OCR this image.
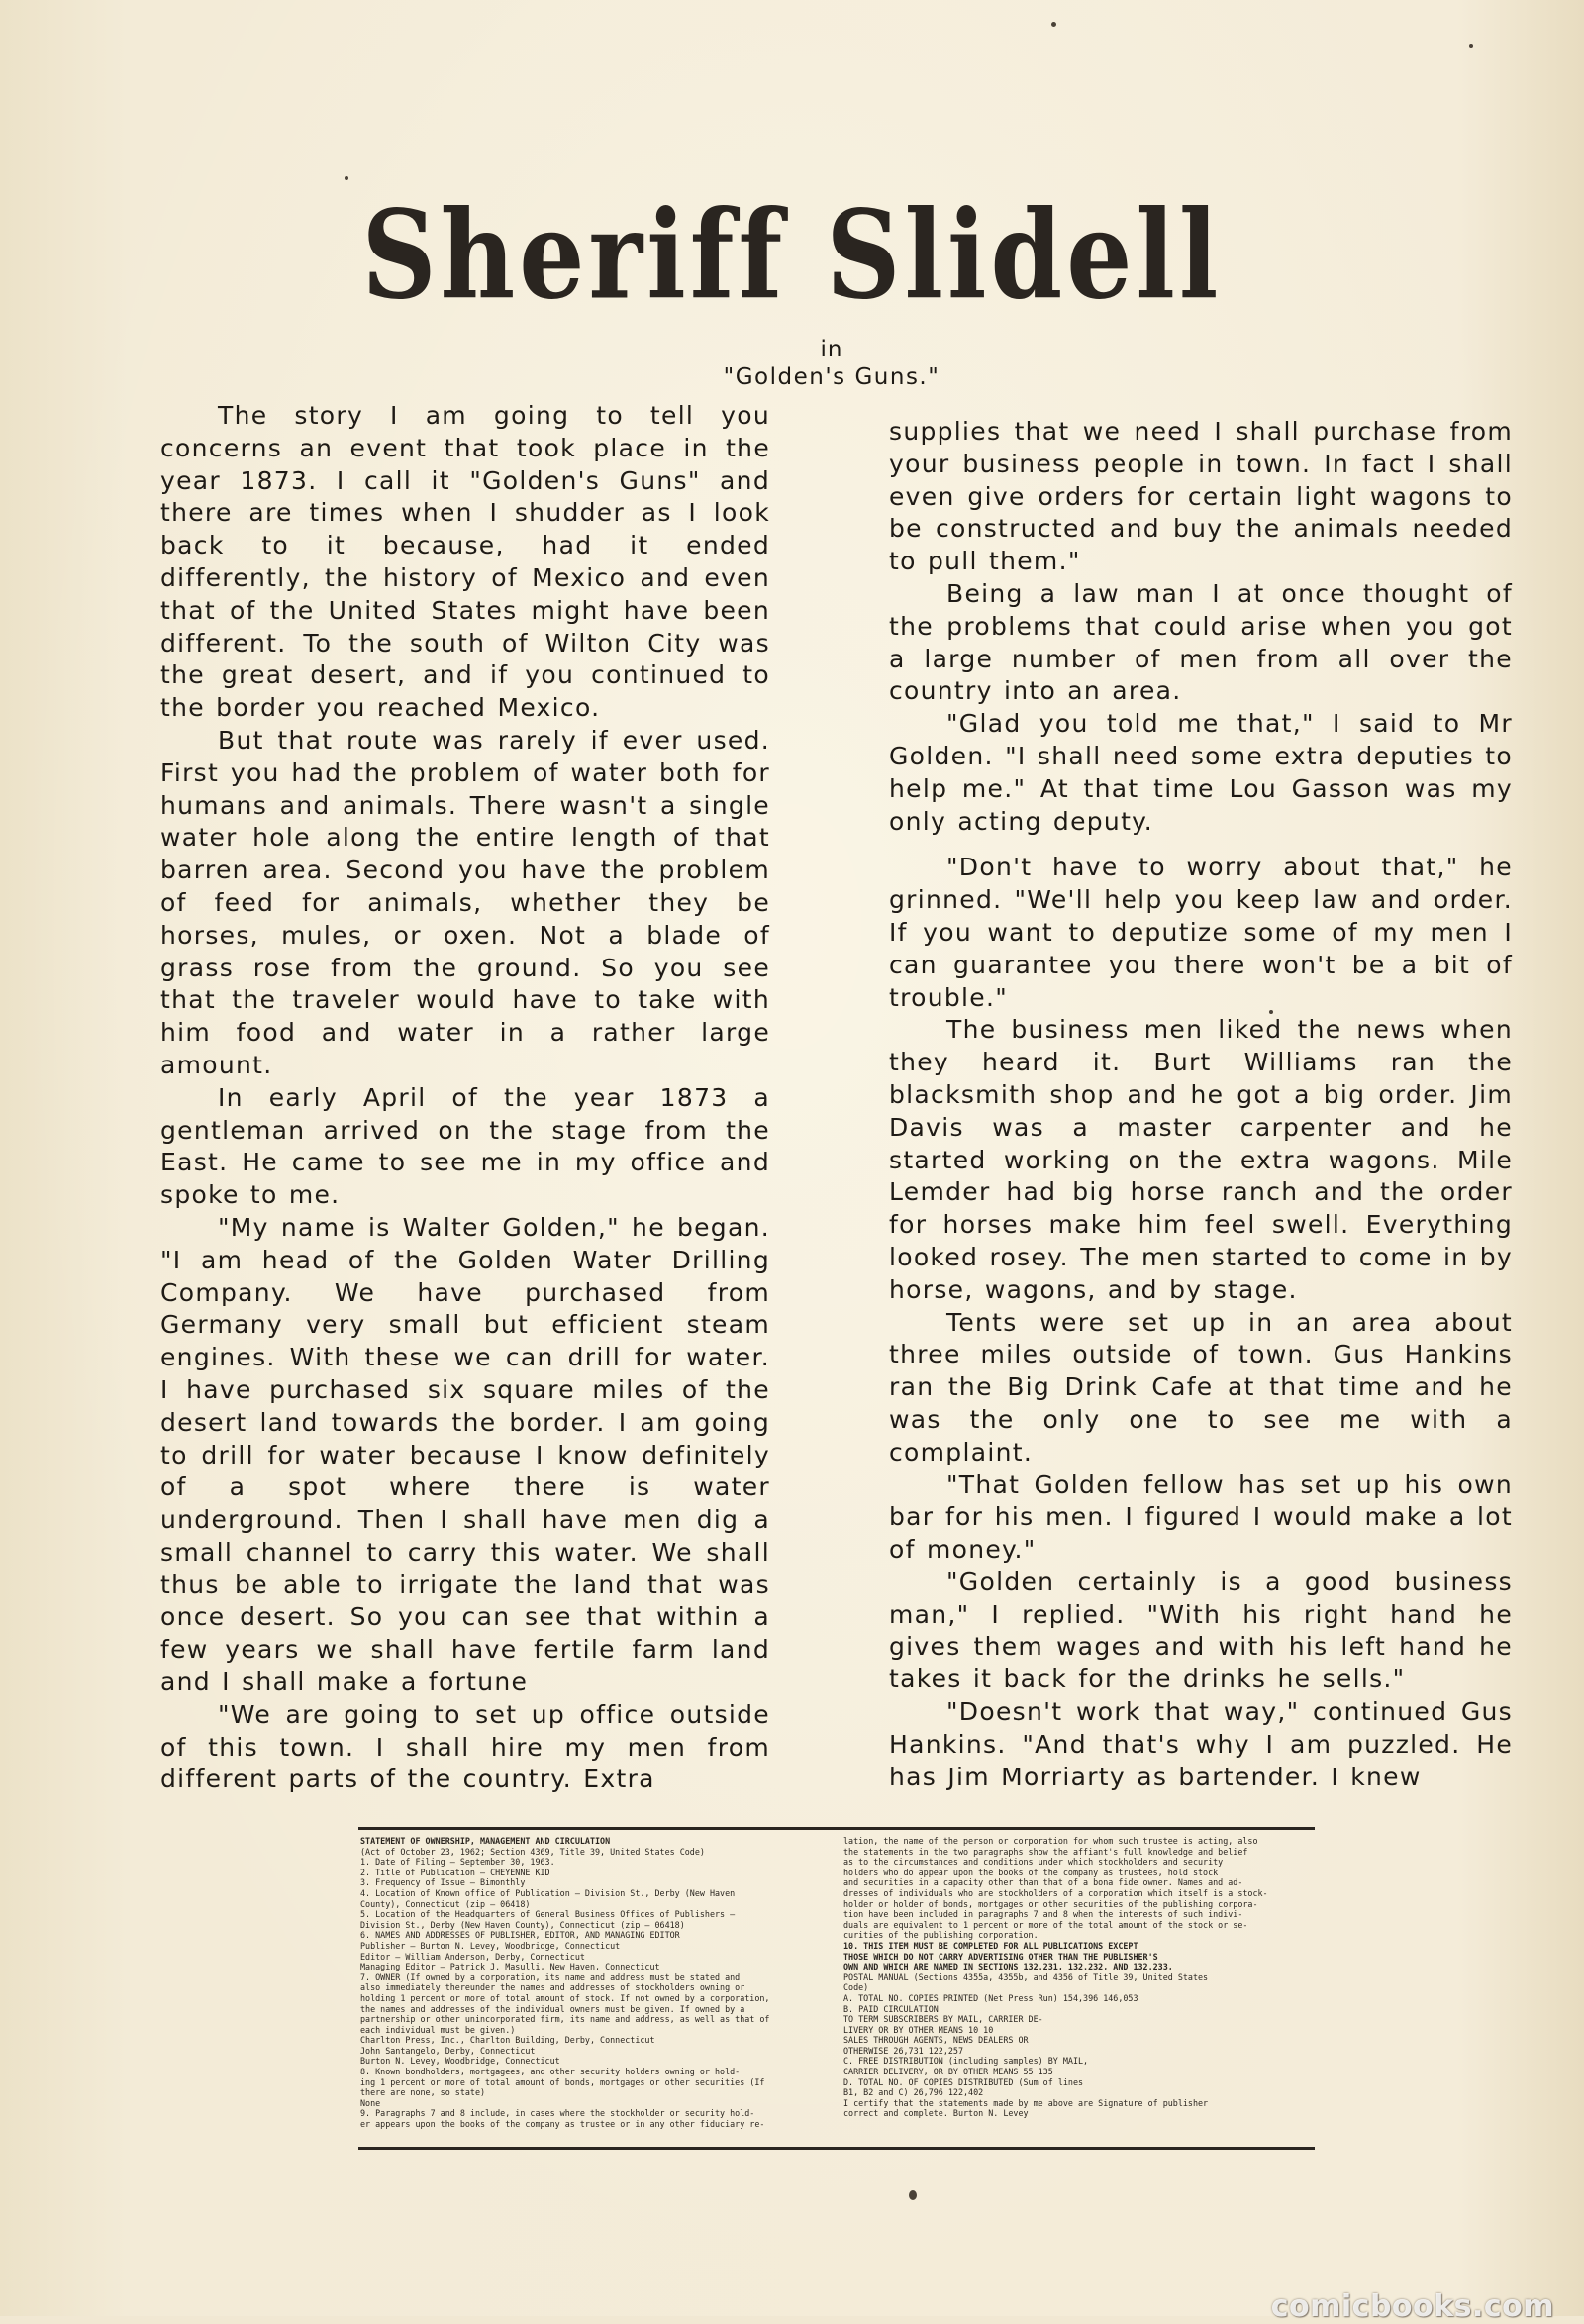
Sheriff Slidell
in
"Golden's Guns."

The story I am going to tell you concerns an event that took place in the year 1873. I call it "Golden's Guns" and there are times when I shudder as I look back to it because, had it ended differently, the history of Mexico and even that of the United States might have been different. To the south of Wilton City was the great desert, and if you continued to the border you reached Mexico.

But that route was rarely if ever used. First you had the problem of water both for humans and animals. There wasn't a single water hole along the entire length of that barren area. Second you have the problem of feed for animals, whether they be horses, mules, or oxen. Not a blade of grass rose from the ground. So you see that the traveler would have to take with him food and water in a rather large amount.

In early April of the year 1873 a gentleman arrived on the stage from the East. He came to see me in my office and spoke to me.

"My name is Walter Golden," he began. "I am head of the Golden Water Drilling Company. We have purchased from Germany very small but efficient steam engines. With these we can drill for water. I have purchased six square miles of the desert land towards the border. I am going to drill for water because I know definitely of a spot where there is water underground. Then I shall have men dig a small channel to carry this water. We shall thus be able to irrigate the land that was once desert. So you can see that within a few years we shall have fertile farm land and I shall make a fortune

"We are going to set up office outside of this town. I shall hire my men from different parts of the country. Extra

supplies that we need I shall purchase from your business people in town. In fact I shall even give orders for certain light wagons to be constructed and buy the animals needed to pull them."

Being a law man I at once thought of the problems that could arise when you got a large number of men from all over the country into an area.

"Glad you told me that," I said to Mr Golden. "I shall need some extra deputies to help me." At that time Lou Gasson was my only acting deputy.

"Don't have to worry about that," he grinned. "We'll help you keep law and order. If you want to deputize some of my men I can guarantee you there won't be a bit of trouble."

The business men liked the news when they heard it. Burt Williams ran the blacksmith shop and he got a big order. Jim Davis was a master carpenter and he started working on the extra wagons. Mile Lemder had big horse ranch and the order for horses make him feel swell. Everything looked rosey. The men started to come in by horse, wagons, and by stage.

Tents were set up in an area about three miles outside of town. Gus Hankins ran the Big Drink Cafe at that time and he was the only one to see me with a complaint.

"That Golden fellow has set up his own bar for his men. I figured I would make a lot of money."

"Golden certainly is a good business man," I replied. "With his right hand he gives them wages and with his left hand he takes it back for the drinks he sells."

"Doesn't work that way," continued Gus Hankins. "And that's why I am puzzled. He has Jim Morriarty as bartender. I knew

STATEMENT OF OWNERSHIP, MANAGEMENT AND CIRCULATION
(Act of October 23, 1962; Section 4369, Title 39, United States Code)
1. Date of Filing — September 30, 1963.
2. Title of Publication — CHEYENNE KID
3. Frequency of Issue — Bimonthly
4. Location of Known office of Publication — Division St., Derby (New Haven
County), Connecticut (zip — 06418)
5. Location of the Headquarters of General Business Offices of Publishers —
Division St., Derby (New Haven County), Connecticut (zip — 06418)
6. NAMES AND ADDRESSES OF PUBLISHER, EDITOR, AND MANAGING EDITOR
Publisher — Burton N. Levey, Woodbridge, Connecticut
Editor — William Anderson, Derby, Connecticut
Managing Editor — Patrick J. Masulli, New Haven, Connecticut
7. OWNER (If owned by a corporation, its name and address must be stated and
also immediately thereunder the names and addresses of stockholders owning or
holding 1 percent or more of total amount of stock. If not owned by a corporation,
the names and addresses of the individual owners must be given. If owned by a
partnership or other unincorporated firm, its name and address, as well as that of
each individual must be given.)
Charlton Press, Inc., Charlton Building, Derby, Connecticut
John Santangelo, Derby, Connecticut
Burton N. Levey, Woodbridge, Connecticut
8. Known bondholders, mortgagees, and other security holders owning or hold-
ing 1 percent or more of total amount of bonds, mortgages or other securities (If
there are none, so state)
None
9. Paragraphs 7 and 8 include, in cases where the stockholder or security hold-
er appears upon the books of the company as trustee or in any other fiduciary re-
lation, the name of the person or corporation for whom such trustee is acting, also
the statements in the two paragraphs show the affiant's full knowledge and belief
as to the circumstances and conditions under which stockholders and security
holders who do appear upon the books of the company as trustees, hold stock
and securities in a capacity other than that of a bona fide owner. Names and ad-
dresses of individuals who are stockholders of a corporation which itself is a stock-
holder or holder of bonds, mortgages or other securities of the publishing corpora-
tion have been included in paragraphs 7 and 8 when the interests of such indivi-
duals are equivalent to 1 percent or more of the total amount of the stock or se-
curities of the publishing corporation.
10. THIS ITEM MUST BE COMPLETED FOR ALL PUBLICATIONS EXCEPT
THOSE WHICH DO NOT CARRY ADVERTISING OTHER THAN THE PUBLISHER'S
OWN AND WHICH ARE NAMED IN SECTIONS 132.231, 132.232, AND 132.233,
POSTAL MANUAL (Sections 4355a, 4355b, and 4356 of Title 39, United States
Code)
A. TOTAL NO. COPIES PRINTED (Net Press Run) 154,396 146,053
B. PAID CIRCULATION
TO TERM SUBSCRIBERS BY MAIL, CARRIER DE-
LIVERY OR BY OTHER MEANS 10 10
SALES THROUGH AGENTS, NEWS DEALERS OR
OTHERWISE 26,731 122,257
C. FREE DISTRIBUTION (including samples) BY MAIL,
CARRIER DELIVERY, OR BY OTHER MEANS 55 135
D. TOTAL NO. OF COPIES DISTRIBUTED (Sum of lines
B1, B2 and C) 26,796 122,402
I certify that the statements made by me above are Signature of publisher
correct and complete. Burton N. Levey
comicbooks.com
